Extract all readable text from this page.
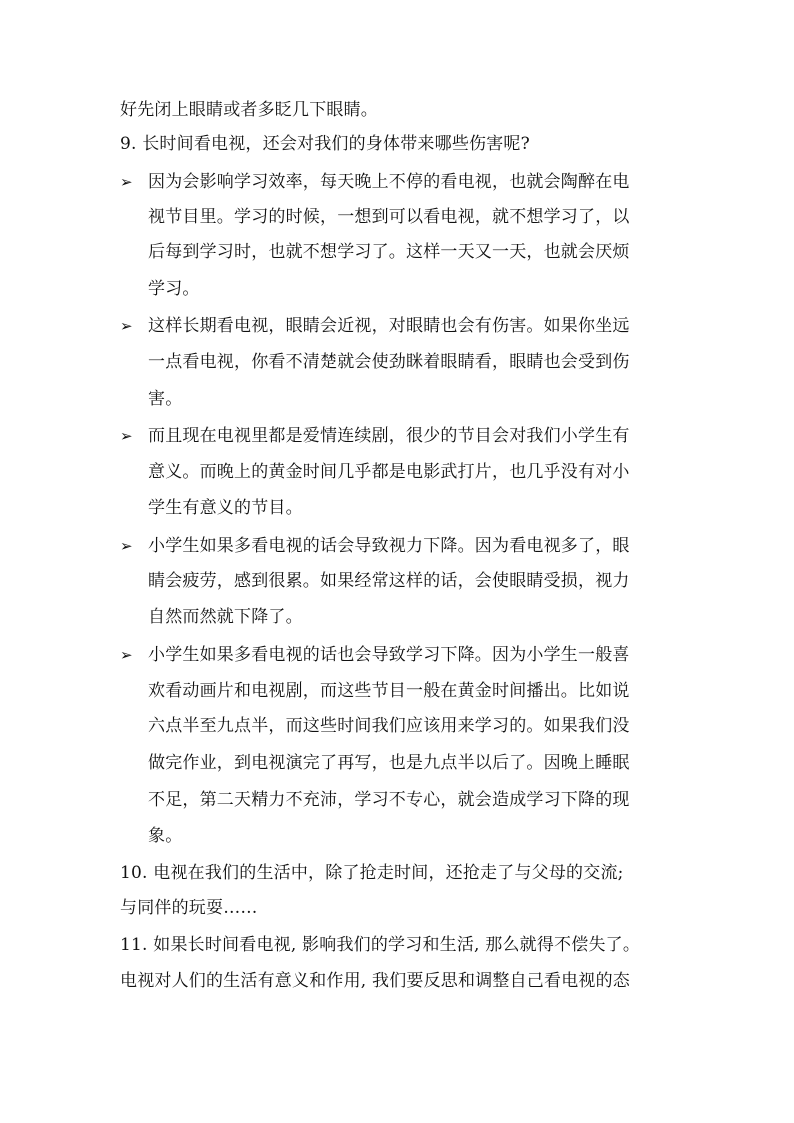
好先闭上眼睛或者多眨几下眼睛。
9. 长时间看电视，还会对我们的身体带来哪些伤害呢?
➢ 因为会影响学习效率，每天晚上不停的看电视，也就会陶醉在电
视节目里。学习的时候，一想到可以看电视，就不想学习了，以
后每到学习时，也就不想学习了。这样一天又一天，也就会厌烦
学习。
➢ 这样长期看电视，眼睛会近视，对眼睛也会有伤害。如果你坐远
一点看电视，你看不清楚就会使劲眯着眼睛看，眼睛也会受到伤
害。
➢ 而且现在电视里都是爱情连续剧，很少的节目会对我们小学生有
意义。而晚上的黄金时间几乎都是电影武打片，也几乎没有对小
学生有意义的节目。
➢ 小学生如果多看电视的话会导致视力下降。因为看电视多了，眼
睛会疲劳，感到很累。如果经常这样的话，会使眼睛受损，视力
自然而然就下降了。
➢ 小学生如果多看电视的话也会导致学习下降。因为小学生一般喜
欢看动画片和电视剧，而这些节目一般在黄金时间播出。比如说
六点半至九点半，而这些时间我们应该用来学习的。如果我们没
做完作业，到电视演完了再写，也是九点半以后了。因晚上睡眠
不足，第二天精力不充沛，学习不专心，就会造成学习下降的现
象。
10. 电视在我们的生活中，除了抢走时间，还抢走了与父母的交流;
与同伴的玩耍……
11. 如果长时间看电视, 影响我们的学习和生活, 那么就得不偿失了。
电视对人们的生活有意义和作用, 我们要反思和调整自己看电视的态
